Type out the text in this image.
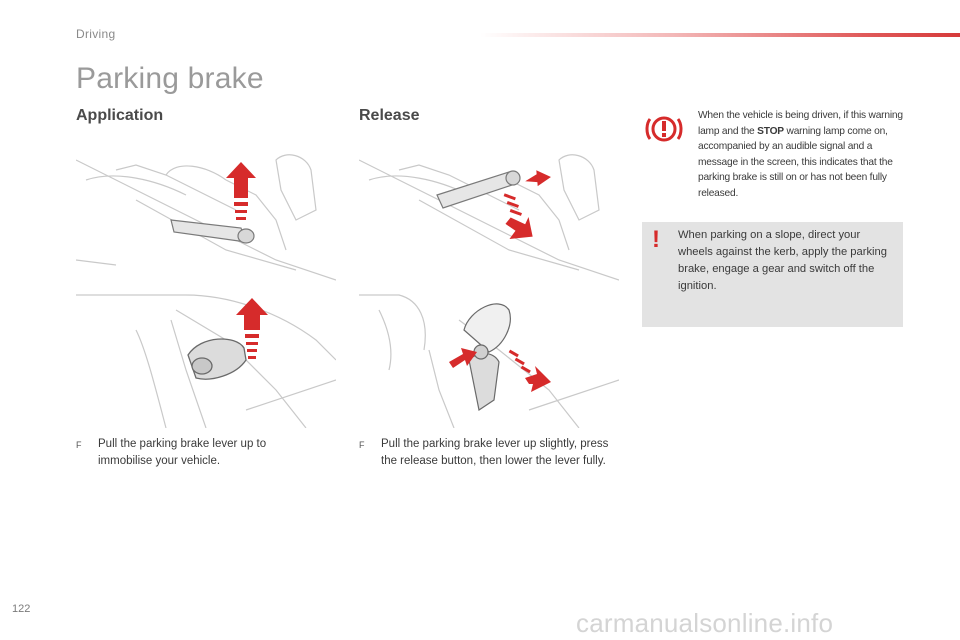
Driving
Parking brake
Application	Release
F Pull the parking brake lever up to immobilise your vehicle.
F Pull the parking brake lever up slightly, press the release button, then lower the lever fully.
When the vehicle is being driven, if this warning lamp and the STOP warning lamp come on, accompanied by an audible signal and a message in the screen, this indicates that the parking brake is still on or has not been fully released.
! When parking on a slope, direct your wheels against the kerb, apply the parking brake, engage a gear and switch off the ignition.
122	carmanualsonline.info
